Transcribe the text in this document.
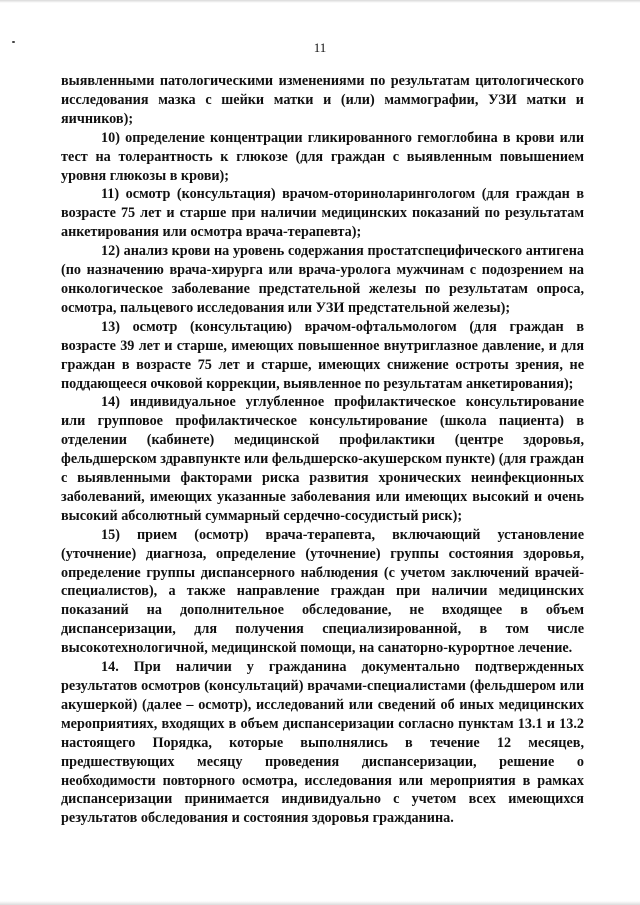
11

выявленными патологическими изменениями по результатам цитологического исследования мазка с шейки матки и (или) маммографии, УЗИ матки и яичников);

10) определение концентрации гликированного гемоглобина в крови или тест на толерантность к глюкозе (для граждан с выявленным повышением уровня глюкозы в крови);

11) осмотр (консультация) врачом-оториноларингологом (для граждан в возрасте 75 лет и старше при наличии медицинских показаний по результатам анкетирования или осмотра врача-терапевта);

12) анализ крови на уровень содержания простатспецифического антигена (по назначению врача-хирурга или врача-уролога мужчинам с подозрением на онкологическое заболевание предстательной железы по результатам опроса, осмотра, пальцевого исследования или УЗИ предстательной железы);

13) осмотр (консультацию) врачом-офтальмологом (для граждан в возрасте 39 лет и старше, имеющих повышенное внутриглазное давление, и для граждан в возрасте 75 лет и старше, имеющих снижение остроты зрения, не поддающееся очковой коррекции, выявленное по результатам анкетирования);

14) индивидуальное углубленное профилактическое консультирование или групповое профилактическое консультирование (школа пациента) в отделении (кабинете) медицинской профилактики (центре здоровья, фельдшерском здравпункте или фельдшерско-акушерском пункте) (для граждан с выявленными факторами риска развития хронических неинфекционных заболеваний, имеющих указанные заболевания или имеющих высокий и очень высокий абсолютный суммарный сердечно-сосудистый риск);

15) прием (осмотр) врача-терапевта, включающий установление (уточнение) диагноза, определение (уточнение) группы состояния здоровья, определение группы диспансерного наблюдения (с учетом заключений врачей-специалистов), а также направление граждан при наличии медицинских показаний на дополнительное обследование, не входящее в объем диспансеризации, для получения специализированной, в том числе высокотехнологичной, медицинской помощи, на санаторно-курортное лечение.

14. При наличии у гражданина документально подтвержденных результатов осмотров (консультаций) врачами-специалистами (фельдшером или акушеркой) (далее – осмотр), исследований или сведений об иных медицинских мероприятиях, входящих в объем диспансеризации согласно пунктам 13.1 и 13.2 настоящего Порядка, которые выполнялись в течение 12 месяцев, предшествующих месяцу проведения диспансеризации, решение о необходимости повторного осмотра, исследования или мероприятия в рамках диспансеризации принимается индивидуально с учетом всех имеющихся результатов обследования и состояния здоровья гражданина.
